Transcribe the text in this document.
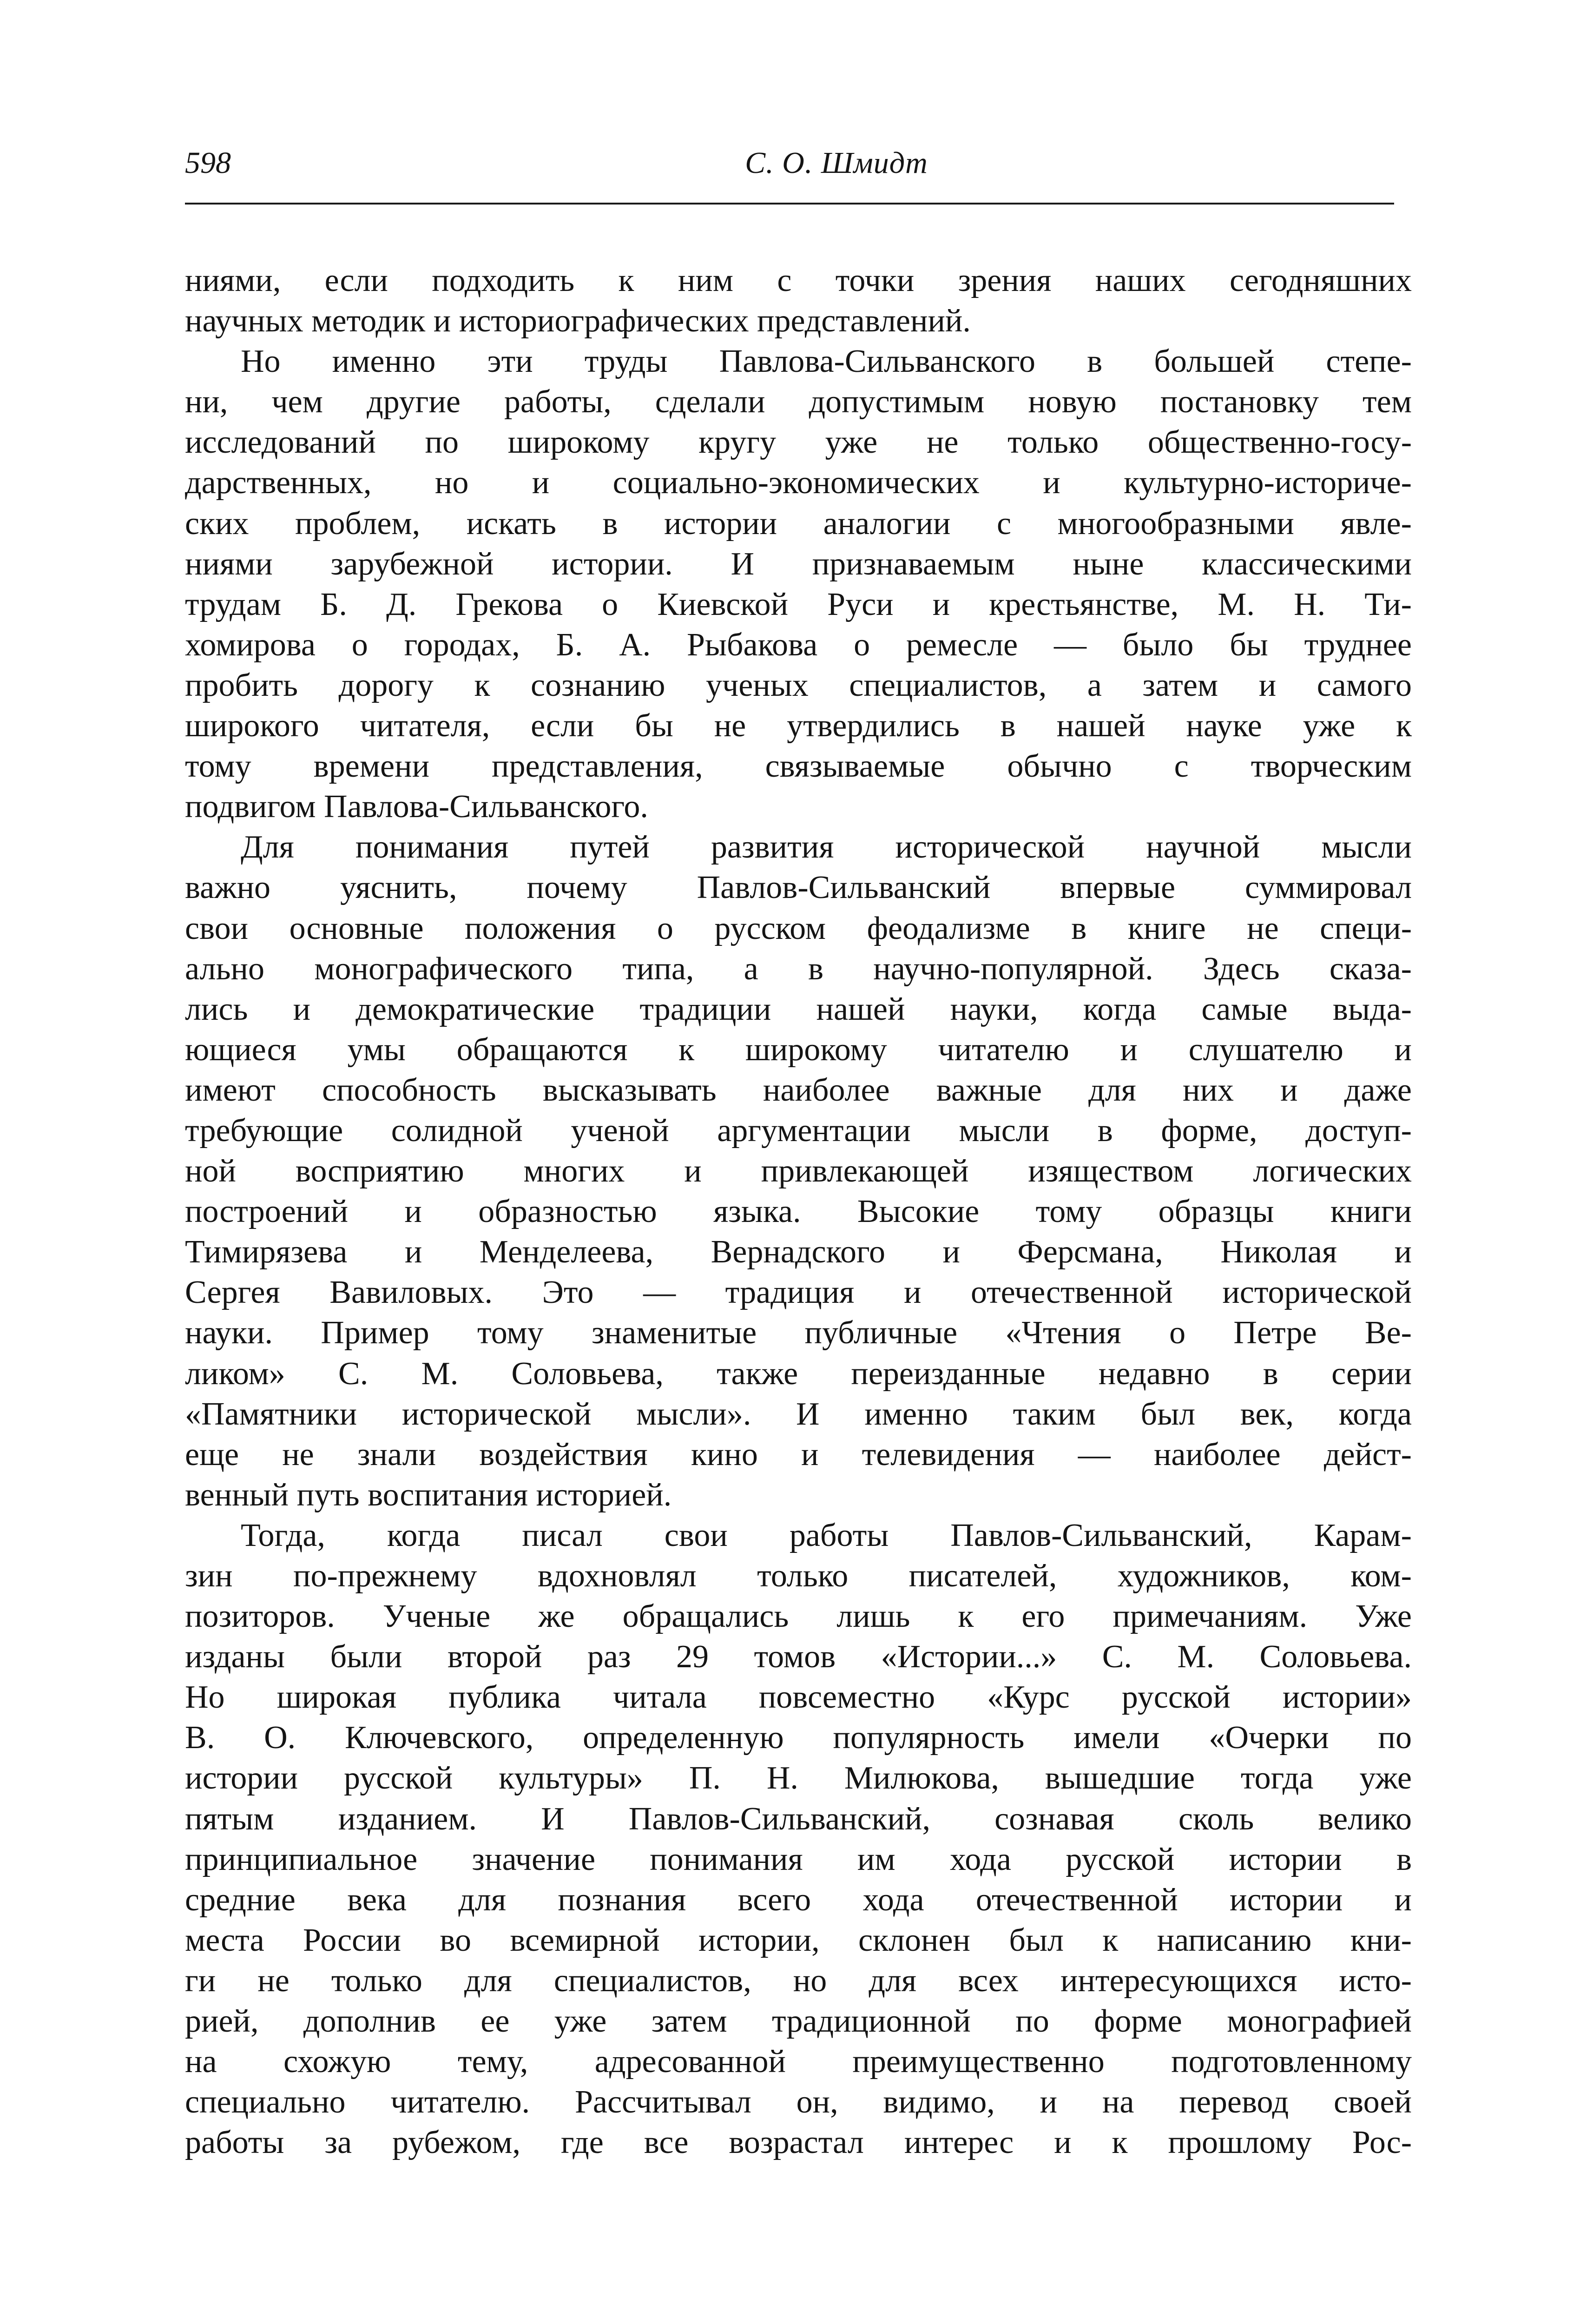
598	С. О. Шмидт
ниями, если подходить к ним с точки зрения наших сегодняшних
научных методик и историографических представлений.
Но именно эти труды Павлова-Сильванского в большей степе-
ни, чем другие работы, сделали допустимым новую постановку тем
исследований по широкому кругу уже не только общественно-госу-
дарственных, но и социально-экономических и культурно-историче-
ских проблем, искать в истории аналогии с многообразными явле-
ниями зарубежной истории. И признаваемым ныне классическими
трудам Б. Д. Грекова о Киевской Руси и крестьянстве, М. Н. Ти-
хомирова о городах, Б. А. Рыбакова о ремесле — было бы труднее
пробить дорогу к сознанию ученых специалистов, а затем и самого
широкого читателя, если бы не утвердились в нашей науке уже к
тому времени представления, связываемые обычно с творческим
подвигом Павлова-Сильванского.
Для понимания путей развития исторической научной мысли
важно уяснить, почему Павлов-Сильванский впервые суммировал
свои основные положения о русском феодализме в книге не специ-
ально монографического типа, а в научно-популярной. Здесь сказа-
лись и демократические традиции нашей науки, когда самые выда-
ющиеся умы обращаются к широкому читателю и слушателю и
имеют способность высказывать наиболее важные для них и даже
требующие солидной ученой аргументации мысли в форме, доступ-
ной восприятию многих и привлекающей изяществом логических
построений и образностью языка. Высокие тому образцы книги
Тимирязева и Менделеева, Вернадского и Ферсмана, Николая и
Сергея Вавиловых. Это — традиция и отечественной исторической
науки. Пример тому знаменитые публичные «Чтения о Петре Ве-
ликом» С. М. Соловьева, также переизданные недавно в серии
«Памятники исторической мысли». И именно таким был век, когда
еще не знали воздействия кино и телевидения — наиболее дейст-
венный путь воспитания историей.
Тогда, когда писал свои работы Павлов-Сильванский, Карам-
зин по-прежнему вдохновлял только писателей, художников, ком-
позиторов. Ученые же обращались лишь к его примечаниям. Уже
изданы были второй раз 29 томов «Истории...» С. М. Соловьева.
Но широкая публика читала повсеместно «Курс русской истории»
В. О. Ключевского, определенную популярность имели «Очерки по
истории русской культуры» П. Н. Милюкова, вышедшие тогда уже
пятым изданием. И Павлов-Сильванский, сознавая сколь велико
принципиальное значение понимания им хода русской истории в
средние века для познания всего хода отечественной истории и
места России во всемирной истории, склонен был к написанию кни-
ги не только для специалистов, но для всех интересующихся исто-
рией, дополнив ее уже затем традиционной по форме монографией
на схожую тему, адресованной преимущественно подготовленному
специально читателю. Рассчитывал он, видимо, и на перевод своей
работы за рубежом, где все возрастал интерес и к прошлому Рос-
